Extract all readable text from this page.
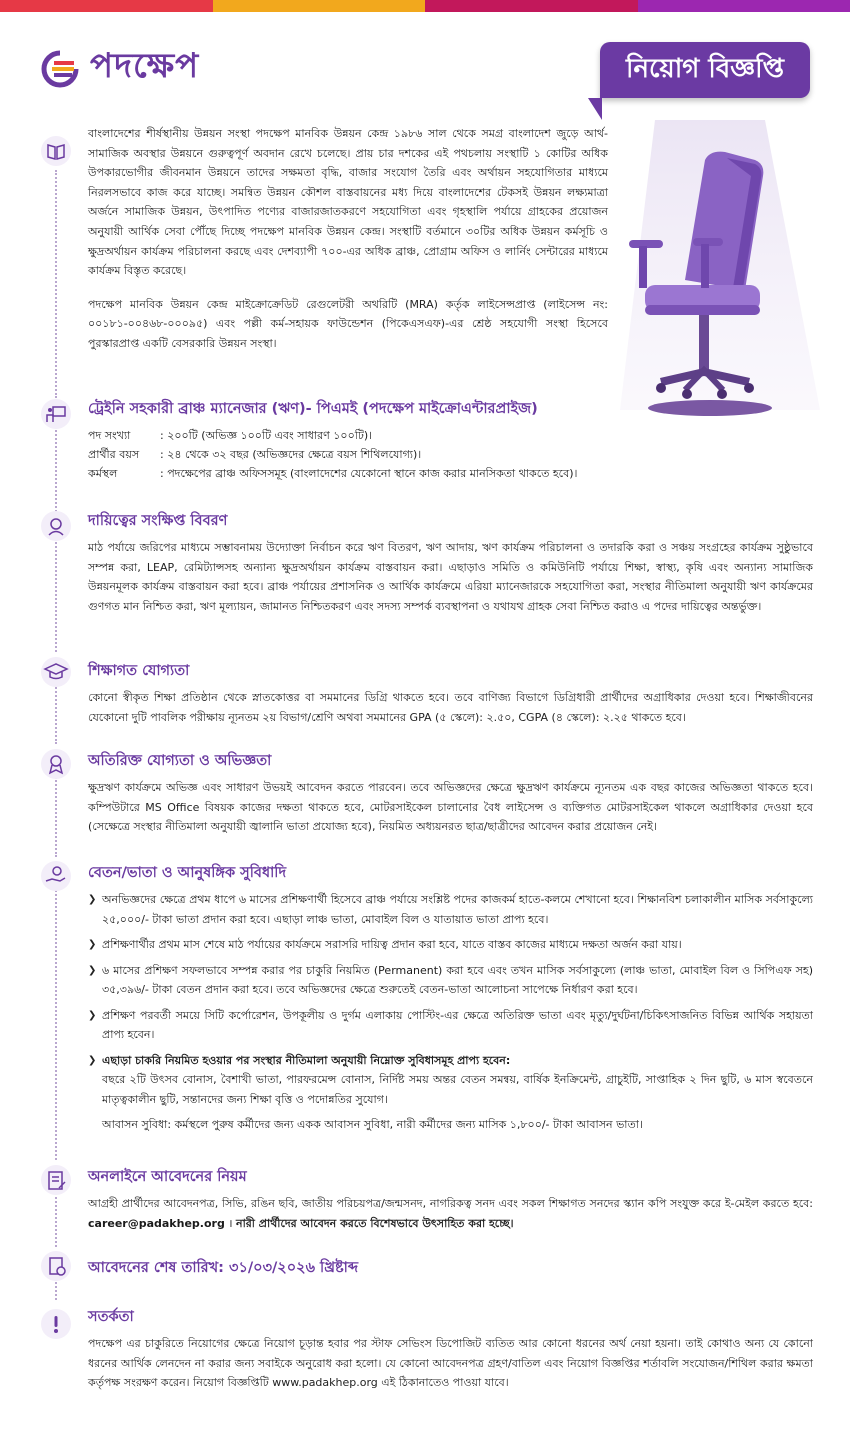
পদক্ষেপ	নিয়োগ বিজ্ঞপ্তি

বাংলাদেশের শীর্ষস্থানীয় উন্নয়ন সংস্থা পদক্ষেপ মানবিক উন্নয়ন কেন্দ্র ১৯৮৬ সাল থেকে সমগ্র বাংলাদেশ জুড়ে আর্থ-সামাজিক অবস্থার উন্নয়নে গুরুত্বপূর্ণ অবদান রেখে চলেছে। প্রায় চার দশকের এই পথচলায় সংস্থাটি ১ কোটির অধিক উপকারভোগীর জীবনমান উন্নয়নে তাদের সক্ষমতা বৃদ্ধি, বাজার সংযোগ তৈরি এবং অর্থায়ন সহযোগিতার মাধ্যমে নিরলসভাবে কাজ করে যাচ্ছে। সমন্বিত উন্নয়ন কৌশল বাস্তবায়নের মধ্য দিয়ে বাংলাদেশের টেকসই উন্নয়ন লক্ষ্যমাত্রা অর্জনে সামাজিক উন্নয়ন, উৎপাদিত পণ্যের বাজারজাতকরণে সহযোগিতা এবং গৃহস্থালি পর্যায়ে গ্রাহকের প্রয়োজন অনুযায়ী আর্থিক সেবা পৌঁছে দিচ্ছে পদক্ষেপ মানবিক উন্নয়ন কেন্দ্র। সংস্থাটি বর্তমানে ৩০টির অধিক উন্নয়ন কর্মসূচি ও ক্ষুদ্রঅর্থায়ন কার্যক্রম পরিচালনা করছে এবং দেশব্যাপী ৭০০-এর অধিক ব্রাঞ্চ, প্রোগ্রাম অফিস ও লার্নিং সেন্টারের মাধ্যমে কার্যক্রম বিস্তৃত করেছে।

পদক্ষেপ মানবিক উন্নয়ন কেন্দ্র মাইক্রোক্রেডিট রেগুলেটরী অথরিটি (MRA) কর্তৃক লাইসেন্সপ্রাপ্ত (লাইসেন্স নং: ০০১৮১-০০৪৬৮-০০০৯৫) এবং পল্লী কর্ম-সহায়ক ফাউন্ডেশন (পিকেএসএফ)-এর শ্রেষ্ঠ সহযোগী সংস্থা হিসেবে পুরস্কারপ্রাপ্ত একটি বেসরকারি উন্নয়ন সংস্থা।

ট্রেইনি সহকারী ব্রাঞ্চ ম্যানেজার (ঋণ)- পিএমই (পদক্ষেপ মাইক্রোএন্টারপ্রাইজ)
পদ সংখ্যা	: ২০০টি (অভিজ্ঞ ১০০টি এবং সাধারণ ১০০টি)।
প্রার্থীর বয়স	: ২৪ থেকে ৩২ বছর (অভিজ্ঞদের ক্ষেত্রে বয়স শিথিলযোগ্য)।
কর্মস্থল	: পদক্ষেপের ব্রাঞ্চ অফিসসমূহ (বাংলাদেশের যেকোনো স্থানে কাজ করার মানসিকতা থাকতে হবে)।
দায়িত্বের সংক্ষিপ্ত বিবরণ

মাঠ পর্যায়ে জরিপের মাধ্যমে সম্ভাবনাময় উদ্যোক্তা নির্বাচন করে ঋণ বিতরণ, ঋণ আদায়, ঋণ কার্যক্রম পরিচালনা ও তদারকি করা ও সঞ্চয় সংগ্রহের কার্যক্রম সুষ্ঠুভাবে সম্পন্ন করা, LEAP, রেমিট্যান্সসহ অন্যান্য ক্ষুদ্রঅর্থায়ন কার্যক্রম বাস্তবায়ন করা। এছাড়াও সমিতি ও কমিউনিটি পর্যায়ে শিক্ষা, স্বাস্থ্য, কৃষি এবং অন্যান্য সামাজিক উন্নয়নমূলক কার্যক্রম বাস্তবায়ন করা হবে। ব্রাঞ্চ পর্যায়ের প্রশাসনিক ও আর্থিক কার্যক্রমে এরিয়া ম্যানেজারকে সহযোগিতা করা, সংস্থার নীতিমালা অনুযায়ী ঋণ কার্যক্রমের গুণগত মান নিশ্চিত করা, ঋণ মূল্যায়ন, জামানত নিশ্চিতকরণ এবং সদস্য সম্পর্ক ব্যবস্থাপনা ও যথাযথ গ্রাহক সেবা নিশ্চিত করাও এ পদের দায়িত্বের অন্তর্ভুক্ত।

শিক্ষাগত যোগ্যতা

কোনো স্বীকৃত শিক্ষা প্রতিষ্ঠান থেকে স্নাতকোত্তর বা সমমানের ডিগ্রি থাকতে হবে। তবে বাণিজ্য বিভাগে ডিগ্রিধারী প্রার্থীদের অগ্রাধিকার দেওয়া হবে। শিক্ষাজীবনের যেকোনো দুটি পাবলিক পরীক্ষায় ন্যূনতম ২য় বিভাগ/শ্রেণি অথবা সমমানের GPA (৫ স্কেলে): ২.৫০, CGPA (৪ স্কেলে): ২.২৫ থাকতে হবে।

অতিরিক্ত যোগ্যতা ও অভিজ্ঞতা

ক্ষুদ্রঋণ কার্যক্রমে অভিজ্ঞ এবং সাধারণ উভয়ই আবেদন করতে পারবেন। তবে অভিজ্ঞদের ক্ষেত্রে ক্ষুদ্রঋণ কার্যক্রমে ন্যূনতম এক বছর কাজের অভিজ্ঞতা থাকতে হবে। কম্পিউটারে MS Office বিষয়ক কাজের দক্ষতা থাকতে হবে, মোটরসাইকেল চালানোর বৈধ লাইসেন্স ও ব্যক্তিগত মোটরসাইকেল থাকলে অগ্রাধিকার দেওয়া হবে (সেক্ষেত্রে সংস্থার নীতিমালা অনুযায়ী জ্বালানি ভাতা প্রযোজ্য হবে), নিয়মিত অধ্যয়নরত ছাত্র/ছাত্রীদের আবেদন করার প্রয়োজন নেই।

বেতন/ভাতা ও আনুষঙ্গিক সুবিধাদি
❯ অনভিজ্ঞদের ক্ষেত্রে প্রথম ধাপে ৬ মাসের প্রশিক্ষণার্থী হিসেবে ব্রাঞ্চ পর্যায়ে সংশ্লিষ্ট পদের কাজকর্ম হাতে-কলমে শেখানো হবে। শিক্ষানবিশ চলাকালীন মাসিক সর্বসাকুল্যে ২৫,০০০/- টাকা ভাতা প্রদান করা হবে। এছাড়া লাঞ্চ ভাতা, মোবাইল বিল ও যাতায়াত ভাতা প্রাপ্য হবে।
❯ প্রশিক্ষণার্থীর প্রথম মাস শেষে মাঠ পর্যায়ের কার্যক্রমে সরাসরি দায়িত্ব প্রদান করা হবে, যাতে বাস্তব কাজের মাধ্যমে দক্ষতা অর্জন করা যায়।
❯ ৬ মাসের প্রশিক্ষণ সফলভাবে সম্পন্ন করার পর চাকুরি নিয়মিত (Permanent) করা হবে এবং তখন মাসিক সর্বসাকুল্যে (লাঞ্চ ভাতা, মোবাইল বিল ও সিপিএফ সহ) ৩৫,৩৯৬/- টাকা বেতন প্রদান করা হবে। তবে অভিজ্ঞদের ক্ষেত্রে শুরুতেই বেতন-ভাতা আলোচনা সাপেক্ষে নির্ধারণ করা হবে।
❯ প্রশিক্ষণ পরবর্তী সময়ে সিটি কর্পোরেশন, উপকূলীয় ও দুর্গম এলাকায় পোস্টিং-এর ক্ষেত্রে অতিরিক্ত ভাতা এবং মৃত্যু/দুর্ঘটনা/চিকিৎসাজনিত বিভিন্ন আর্থিক সহায়তা প্রাপ্য হবেন।
❯ এছাড়া চাকরি নিয়মিত হওয়ার পর সংস্থার নীতিমালা অনুযায়ী নিম্নোক্ত সুবিধাসমূহ প্রাপ্য হবেন:
বছরে ২টি উৎসব বোনাস, বৈশাখী ভাতা, পারফরমেন্স বোনাস, নির্দিষ্ট সময় অন্তর বেতন সমন্বয়, বার্ষিক ইনক্রিমেন্ট, গ্রাচুইটি, সাপ্তাহিক ২ দিন ছুটি, ৬ মাস স্ববেতনে মাতৃত্বকালীন ছুটি, সন্তানদের জন্য শিক্ষা বৃত্তি ও পদোন্নতির সুযোগ।
আবাসন সুবিধা: কর্মস্থলে পুরুষ কর্মীদের জন্য একক আবাসন সুবিধা, নারী কর্মীদের জন্য মাসিক ১,৮০০/- টাকা আবাসন ভাতা।
অনলাইনে আবেদনের নিয়ম

আগ্রহী প্রার্থীদের আবেদনপত্র, সিভি, রঙিন ছবি, জাতীয় পরিচয়পত্র/জন্মসনদ, নাগরিকত্ব সনদ এবং সকল শিক্ষাগত সনদের স্ক্যান কপি সংযুক্ত করে ই-মেইল করতে হবে: career@padakhep.org । নারী প্রার্থীদের আবেদন করতে বিশেষভাবে উৎসাহিত করা হচ্ছে।

আবেদনের শেষ তারিখ: ৩১/০৩/২০২৬ খ্রিষ্টাব্দ
সতর্কতা

পদক্ষেপ এর চাকুরিতে নিয়োগের ক্ষেত্রে নিয়োগ চূড়ান্ত হবার পর স্টাফ সেভিংস ডিপোজিট ব্যতিত আর কোনো ধরনের অর্থ নেয়া হয়না। তাই কোথাও অন্য যে কোনো ধরনের আর্থিক লেনদেন না করার জন্য সবাইকে অনুরোধ করা হলো। যে কোনো আবেদনপত্র গ্রহণ/বাতিল এবং নিয়োগ বিজ্ঞপ্তির শর্তাবলি সংযোজন/শিথিল করার ক্ষমতা কর্তৃপক্ষ সংরক্ষণ করেন। নিয়োগ বিজ্ঞপ্তিটি www.padakhep.org এই ঠিকানাতেও পাওয়া যাবে।
